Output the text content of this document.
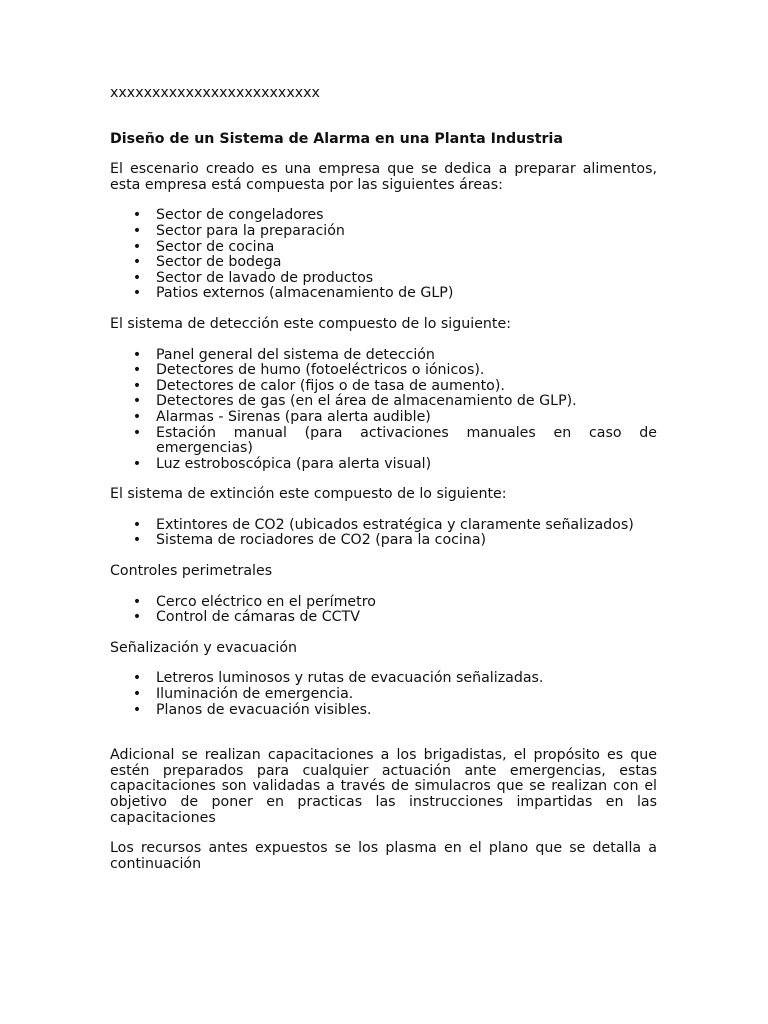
xxxxxxxxxxxxxxxxxxxxxxxxx
Diseño de un Sistema de Alarma en una Planta Industria
El escenario creado es una empresa que se dedica a preparar alimentos, esta empresa está compuesta por las siguientes áreas:
• Sector de congeladores
• Sector para la preparación
• Sector de cocina
• Sector de bodega
• Sector de lavado de productos
• Patios externos (almacenamiento de GLP)
El sistema de detección este compuesto de lo siguiente:
• Panel general del sistema de detección
• Detectores de humo (fotoeléctricos o iónicos).
• Detectores de calor (fijos o de tasa de aumento).
• Detectores de gas (en el área de almacenamiento de GLP).
• Alarmas - Sirenas (para alerta audible)
• Estación manual (para activaciones manuales en caso de emergencias)
• Luz estroboscópica (para alerta visual)
El sistema de extinción este compuesto de lo siguiente:
• Extintores de CO2 (ubicados estratégica y claramente señalizados)
• Sistema de rociadores de CO2 (para la cocina)
Controles perimetrales
• Cerco eléctrico en el perímetro
• Control de cámaras de CCTV
Señalización y evacuación
• Letreros luminosos y rutas de evacuación señalizadas.
• Iluminación de emergencia.
• Planos de evacuación visibles.
Adicional se realizan capacitaciones a los brigadistas, el propósito es que estén preparados para cualquier actuación ante emergencias, estas capacitaciones son validadas a través de simulacros que se realizan con el objetivo de poner en practicas las instrucciones impartidas en las capacitaciones
Los recursos antes expuestos se los plasma en el plano que se detalla a continuación
